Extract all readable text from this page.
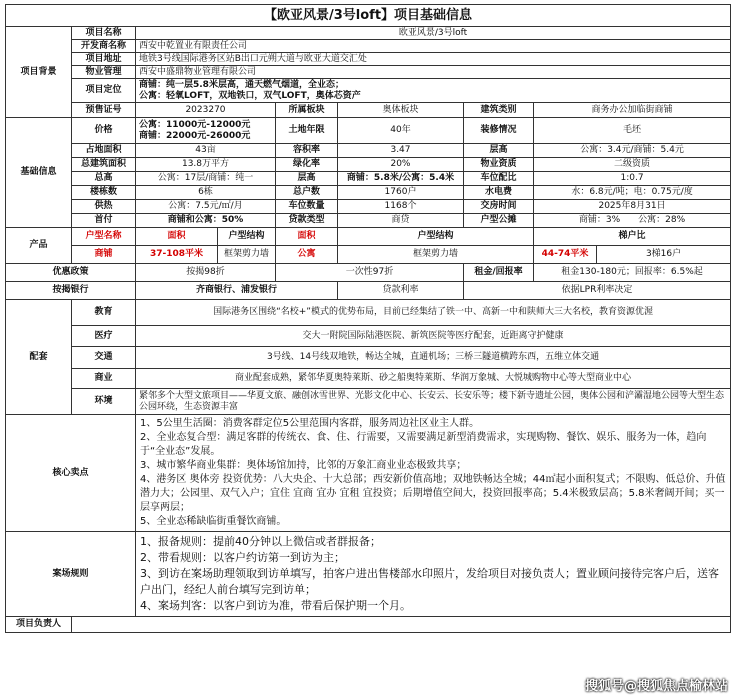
【欧亚风景/3号loft】项目基础信息								
项目背景	项目名称	欧亚风景/3号loft						
	开发商名称	西安中乾置业有限责任公司						
	项目地址	地铁3号线国际港务区站B出口元朔大道与欧亚大道交汇处						
	物业管理	西安中盛鼎物业管理有限公司						
	项目定位	商铺：纯一层5.8米层高，通天燃气烟道，全业态；
公寓：轻氧LOFT，双地铁口，双气LOFT，奥体芯资产						

	预售证号	2023270		所属板块	奥体板块	建筑类别	商务办公加临街商铺	
基础信息	价格	公寓：11000元-12000元
商铺：22000元-26000元		土地年限	40年	装修情况	毛坯	
	占地面积	43亩		容积率	3.47	层高	公寓：3.4元/商铺：5.4元	
	总建筑面积	13.8万平方		绿化率	20%	物业资质	二级资质	
	总高	公寓：17层/商铺：纯一		层高	商铺：5.8米/公寓：5.4米	车位配比	1:0.7	
	楼栋数	6栋		总户数	1760户	水电费	水：6.8元/吨；电：0.75元/度	
	供热	公寓：7.5元/㎡/月		车位数量	1168个	交房时间	2025年8月31日	
	首付	商铺和公寓：50%		贷款类型	商贷	户型公摊	商铺：3%　　公寓：28%	
产品	户型名称	面积	户型结构	面积	户型结构		梯户比	
	商铺	37-108平米	框架剪力墙	公寓	框架剪力墙		44-74平米	3梯16户
优惠政策		按揭98折		一次性97折		租金/回报率	租金130-180元；回报率：6.5%起	
按揭银行		齐商银行、浦发银行			贷款利率	依据LPR利率决定		
配套	教育	国际港务区围绕“名校+”模式的优势布局，目前已经集结了铁一中、高新一中和陕师大三大名校，教育资源优渥						
	医疗	交大一附院国际陆港医院、新筑医院等医疗配套，近距离守护健康						
	交通	3号线、14号线双地铁，畅达全城，直通机场；三桥三隧道横跨东西，五维立体交通						
	商业	商业配套成熟，紧邻华夏奥特莱斯、砂之船奥特莱斯、华润万象城、大悦城购物中心等大型商业中心						
	环境	紧邻多个大型文旅项目——华夏文旅、融创冰雪世界、光影文化中心、长安云、长安乐等；楼下新寺遗址公园，奥体公园和浐灞湿地公园等大型生态公园环绕，生态资源丰富						
核心卖点		1、5公里生活圈：消费客群定位5公里范围内客群，服务周边社区业主人群。
2、全业态复合型：满足客群的传统衣、食、住、行需要，又需要满足新型消费需求，实现购物、餐饮、娱乐、服务为一体，趋向于“全业态”发展。
3、城市繁华商业集群：奥体场馆加持，比邻的万象汇商业业态极致共享；
4、港务区 奥体旁 投资优势：八大央企、十大总部；西安新价值高地；双地铁畅达全城；44㎡起小面积复式；不限购、低总价、升值潜力大；公园里、双气入户；宜住 宜商 宜办 宜租 宜投资；后期增值空间大，投资回报率高；5.4米极致层高；5.8米奢阔开间；买一层享两层；
5、全业态稀缺临街重餐饮商铺。						

案场规则		1、报备规则：提前40分钟以上微信或者群报备；
2、带看规则：以客户约访第一到访为主；
3、到访在案场助理领取到访单填写，拍客户进出售楼部水印照片，发给项目对接负责人；置业顾问接待完客户后，送客户出门，经纪人前台填写完到访单；
4、案场判客：以客户到访为准，带看后保护期一个月。						

项目负责人								
搜狐号@搜狐焦点榆林站
